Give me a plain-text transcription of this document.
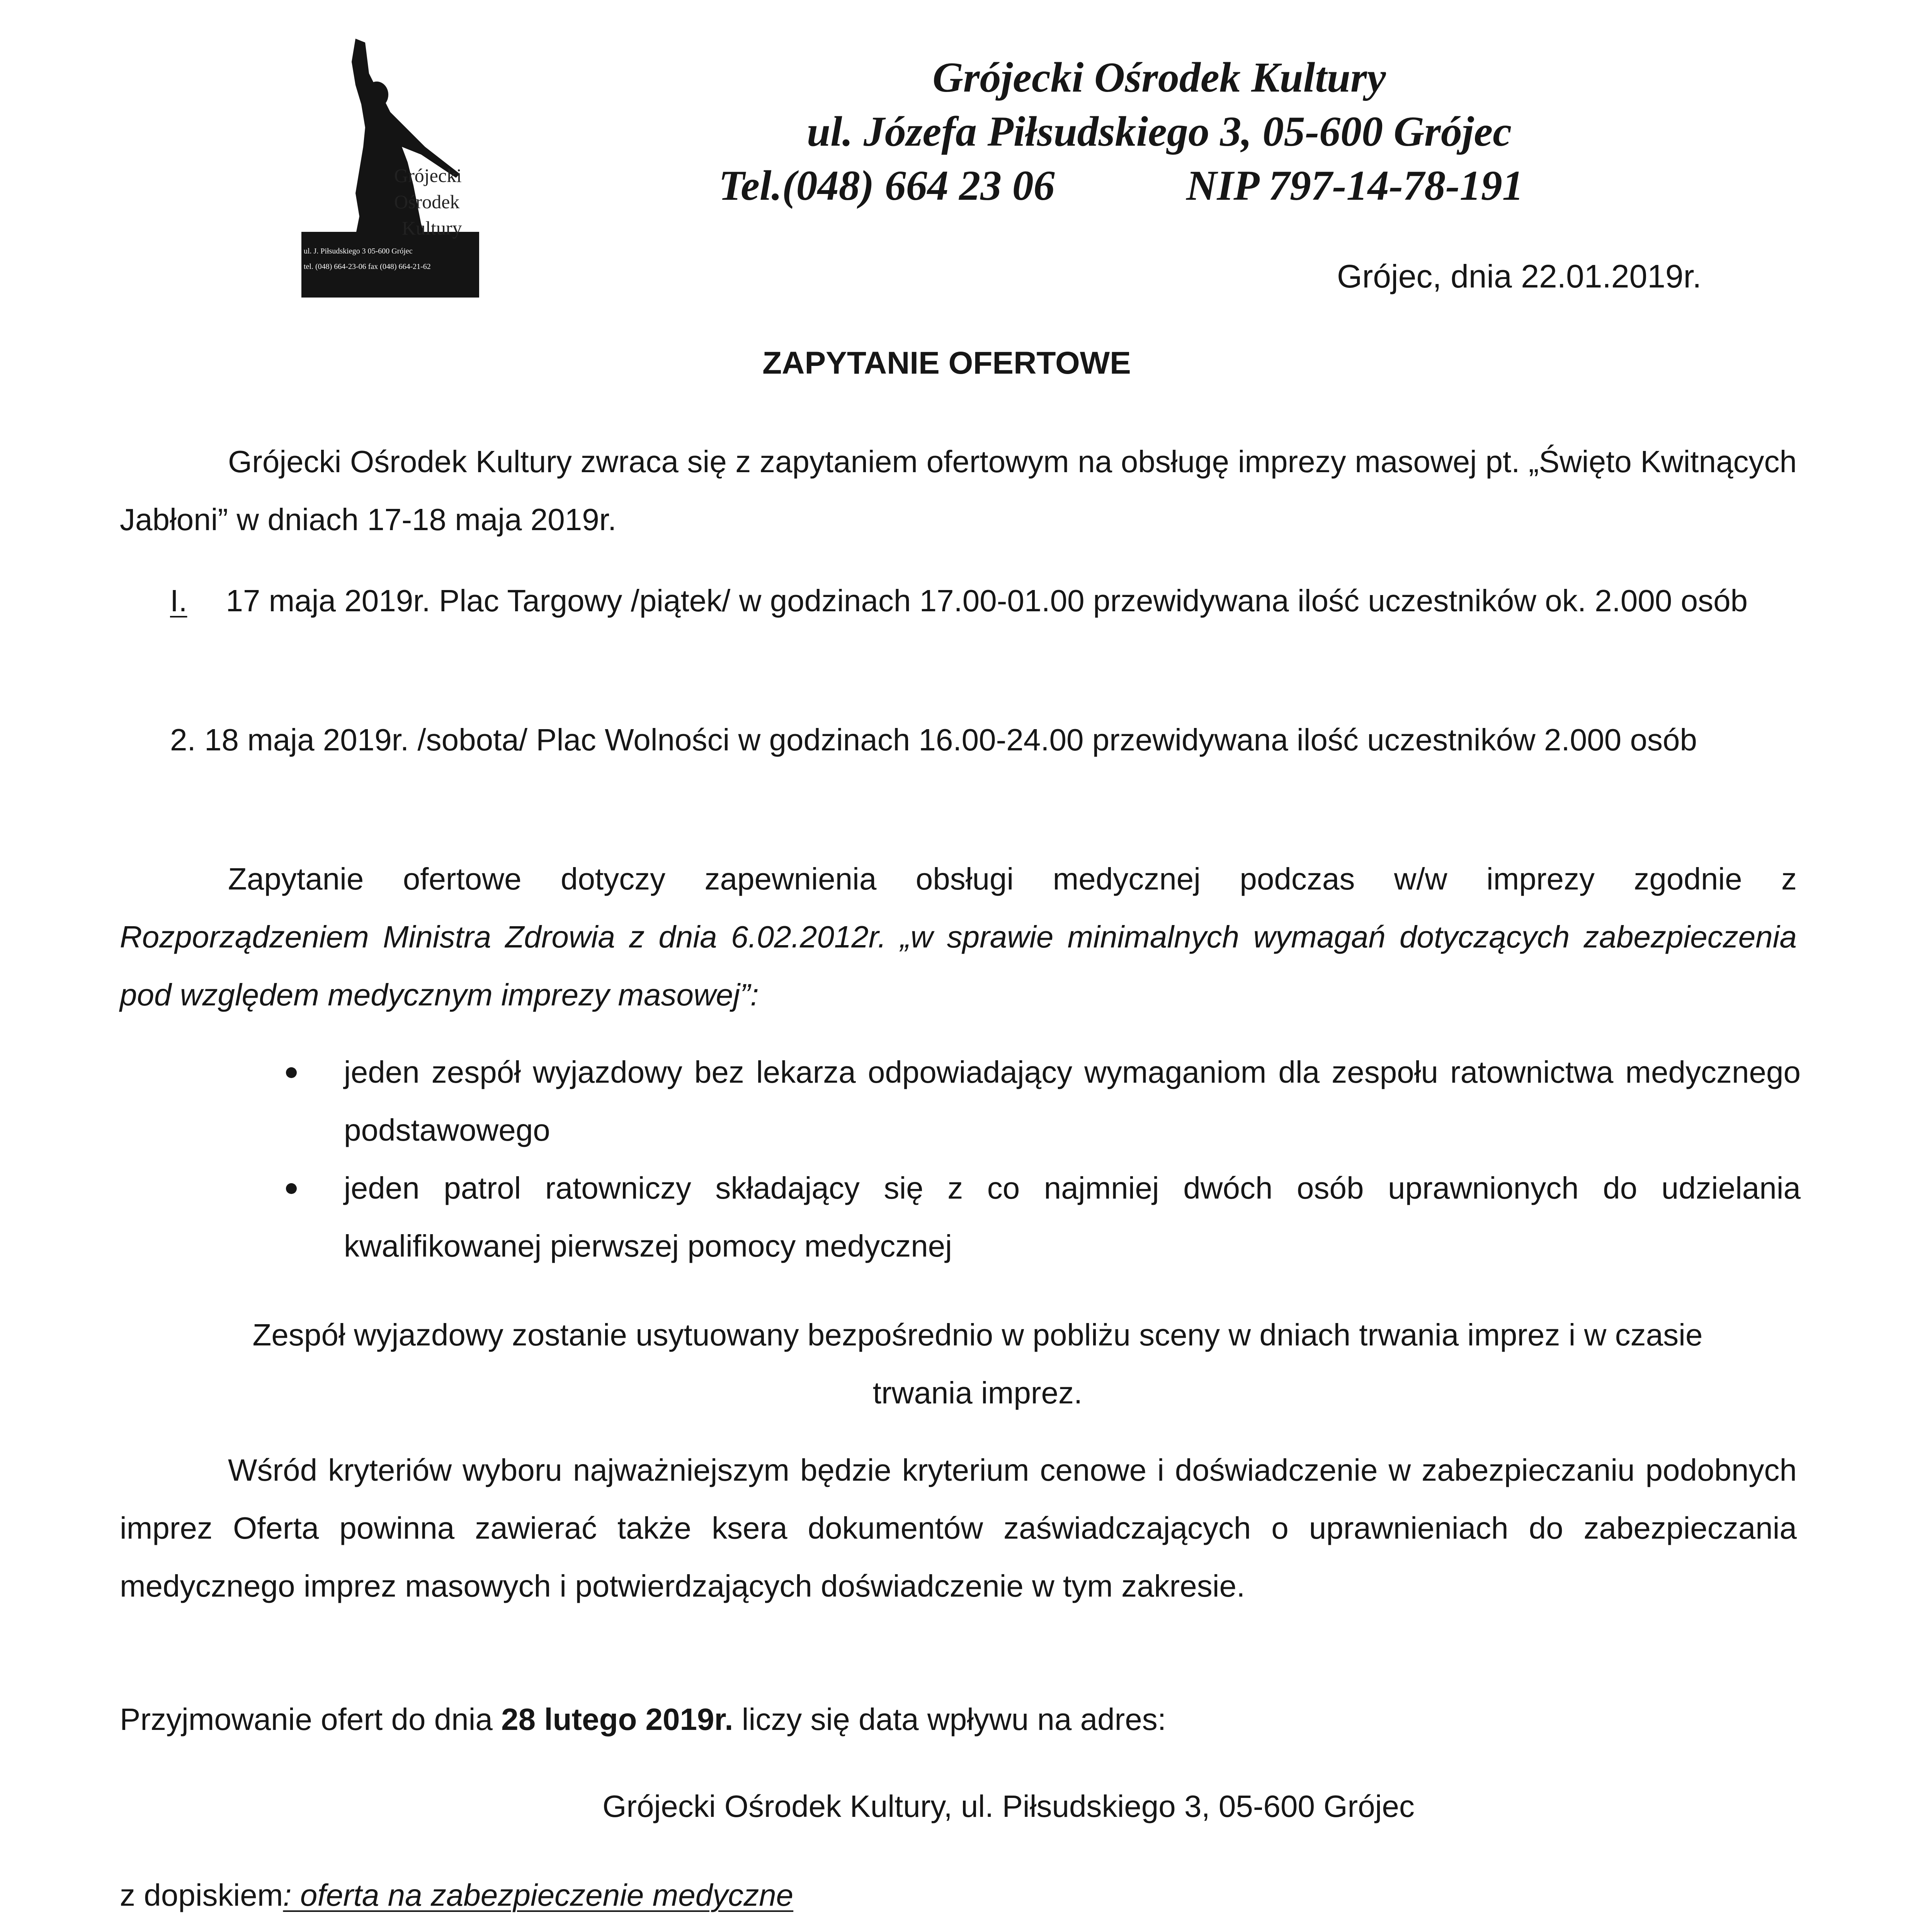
Grójecki
Ośrodek
Kultury
ul. J. Piłsudskiego 3 05-600 Grójec
tel. (048) 664-23-06 fax (048) 664-21-62
Grójecki Ośrodek Kultury
ul. Józefa Piłsudskiego 3, 05-600 Grójec
Tel.(048) 664 23 06	NIP 797-14-78-191
Grójec, dnia 22.01.2019r.
ZAPYTANIE OFERTOWE
Grójecki Ośrodek Kultury zwraca się z zapytaniem ofertowym na obsługę imprezy masowej pt. „Święto Kwitnących Jabłoni” w dniach 17-18 maja 2019r.
I. 17 maja 2019r. Plac Targowy /piątek/ w godzinach 17.00-01.00 przewidywana ilość uczestników ok. 2.000 osób
2. 18 maja 2019r. /sobota/ Plac Wolności w godzinach 16.00-24.00 przewidywana ilość uczestników 2.000 osób
Zapytanie ofertowe dotyczy zapewnienia obsługi medycznej podczas w/w imprezy zgodnie z
Rozporządzeniem Ministra Zdrowia z dnia 6.02.2012r. „w sprawie minimalnych wymagań dotyczących zabezpieczenia pod względem medycznym imprezy masowej”:
jeden zespół wyjazdowy bez lekarza odpowiadający wymaganiom dla zespołu ratownictwa medycznego podstawowego
jeden patrol ratowniczy składający się z co najmniej dwóch osób uprawnionych do udzielania kwalifikowanej pierwszej pomocy medycznej
Zespół wyjazdowy zostanie usytuowany bezpośrednio w pobliżu sceny w dniach trwania imprez i w czasie trwania imprez.
Wśród kryteriów wyboru najważniejszym będzie kryterium cenowe i doświadczenie w zabezpieczaniu podobnych imprez Oferta powinna zawierać także ksera dokumentów zaświadczających o uprawnieniach do zabezpieczania medycznego imprez masowych i potwierdzających doświadczenie w tym zakresie.
Przyjmowanie ofert do dnia 28 lutego 2019r. liczy się data wpływu na adres:
Grójecki Ośrodek Kultury, ul. Piłsudskiego 3, 05-600 Grójec
z dopiskiem: oferta na zabezpieczenie medyczne
